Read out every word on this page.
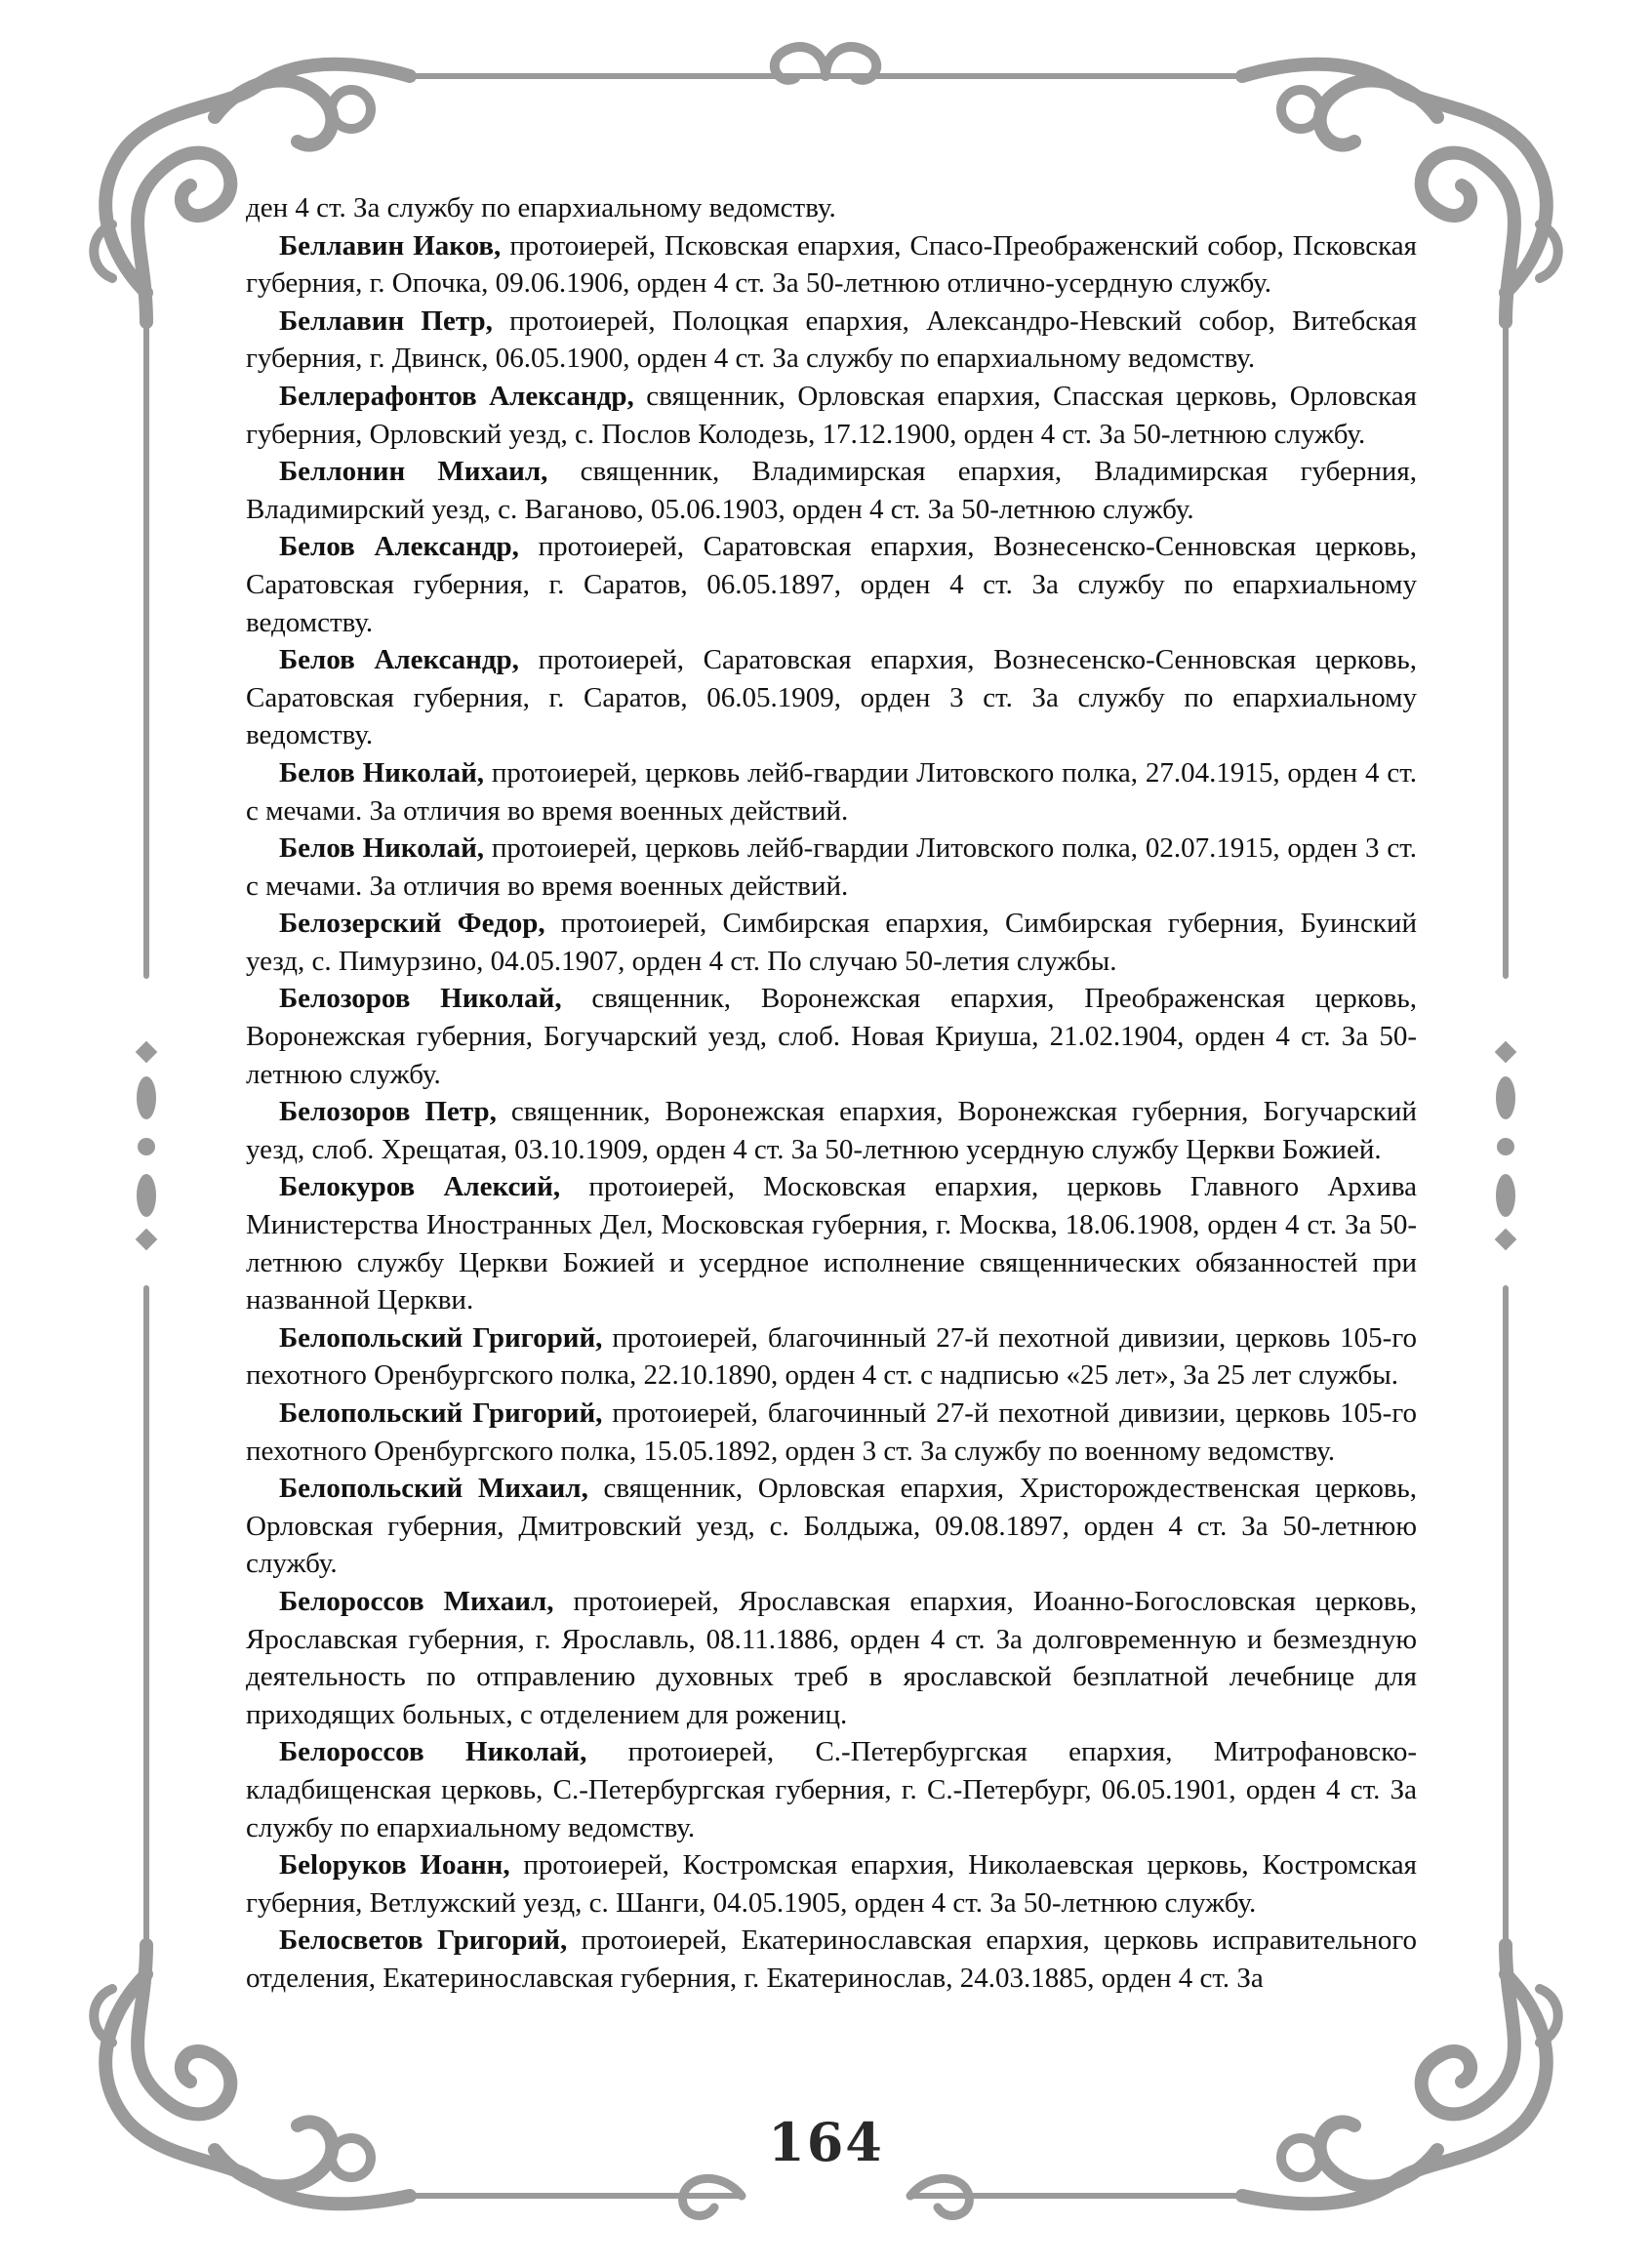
ден 4 ст. За службу по епархиальному ведомству.

Беллавин Иаков, протоиерей, Псковская епархия, Спасо-Преображенский собор, Псковская губерния, г. Опочка, 09.06.1906, орден 4 ст. За 50-летнюю отлично-усердную службу.

Беллавин Петр, протоиерей, Полоцкая епархия, Александро-Невский собор, Витебская губерния, г. Двинск, 06.05.1900, орден 4 ст. За службу по епархиальному ведомству.

Беллерафонтов Александр, священник, Орловская епархия, Спасская церковь, Орловская губерния, Орловский уезд, с. Послов Колодезь, 17.12.1900, орден 4 ст. За 50-летнюю службу.

Беллонин Михаил, священник, Владимирская епархия, Владимирская губерния, Владимирский уезд, с. Ваганово, 05.06.1903, орден 4 ст. За 50-летнюю службу.

Белов Александр, протоиерей, Саратовская епархия, Вознесенско-Сенновская церковь, Саратовская губерния, г. Саратов, 06.05.1897, орден 4 ст. За службу по епархиальному ведомству.

Белов Александр, протоиерей, Саратовская епархия, Вознесенско-Сенновская церковь, Саратовская губерния, г. Саратов, 06.05.1909, орден 3 ст. За службу по епархиальному ведомству.

Белов Николай, протоиерей, церковь лейб-гвардии Литовского полка, 27.04.1915, орден 4 ст. с мечами. За отличия во время военных действий.

Белов Николай, протоиерей, церковь лейб-гвардии Литовского полка, 02.07.1915, орден 3 ст. с мечами. За отличия во время военных действий.

Белозерский Федор, протоиерей, Симбирская епархия, Симбирская губерния, Буинский уезд, с. Пимурзино, 04.05.1907, орден 4 ст. По случаю 50-летия службы.

Белозоров Николай, священник, Воронежская епархия, Преображенская церковь, Воронежская губерния, Богучарский уезд, слоб. Новая Криуша, 21.02.1904, орден 4 ст. За 50-летнюю службу.

Белозоров Петр, священник, Воронежская епархия, Воронежская губерния, Богучарский уезд, слоб. Хрещатая, 03.10.1909, орден 4 ст. За 50-летнюю усердную службу Церкви Божией.

Белокуров Алексий, протоиерей, Московская епархия, церковь Главного Архива Министерства Иностранных Дел, Московская губерния, г. Москва, 18.06.1908, орден 4 ст. За 50-летнюю службу Церкви Божией и усердное исполнение священнических обязанностей при названной Церкви.

Белопольский Григорий, протоиерей, благочинный 27-й пехотной дивизии, церковь 105-го пехотного Оренбургского полка, 22.10.1890, орден 4 ст. с надписью «25 лет», За 25 лет службы.

Белопольский Григорий, протоиерей, благочинный 27-й пехотной дивизии, церковь 105-го пехотного Оренбургского полка, 15.05.1892, орден 3 ст. За службу по военному ведомству.

Белопольский Михаил, священник, Орловская епархия, Христорождественская церковь, Орловская губерния, Дмитровский уезд, с. Болдыжа, 09.08.1897, орден 4 ст. За 50-летнюю службу.

Белороссов Михаил, протоиерей, Ярославская епархия, Иоанно-Богословская церковь, Ярославская губерния, г. Ярославль, 08.11.1886, орден 4 ст. За долговременную и безмездную деятельность по отправлению духовных треб в ярославской безплатной лечебнице для приходящих больных, с отделением для рожениц.

Белороссов Николай, протоиерей, С.-Петербургская епархия, Митрофановско-кладбищенская церковь, С.-Петербургская губерния, г. С.-Петербург, 06.05.1901, орден 4 ст. За службу по епархиальному ведомству.

Беloруков Иоанн, протоиерей, Костромская епархия, Николаевская церковь, Костромская губерния, Ветлужский уезд, с. Шанги, 04.05.1905, орден 4 ст. За 50-летнюю службу.

Белосветов Григорий, протоиерей, Екатеринославская епархия, церковь исправительного отделения, Екатеринославская губерния, г. Екатеринослав, 24.03.1885, орден 4 ст. За

164
